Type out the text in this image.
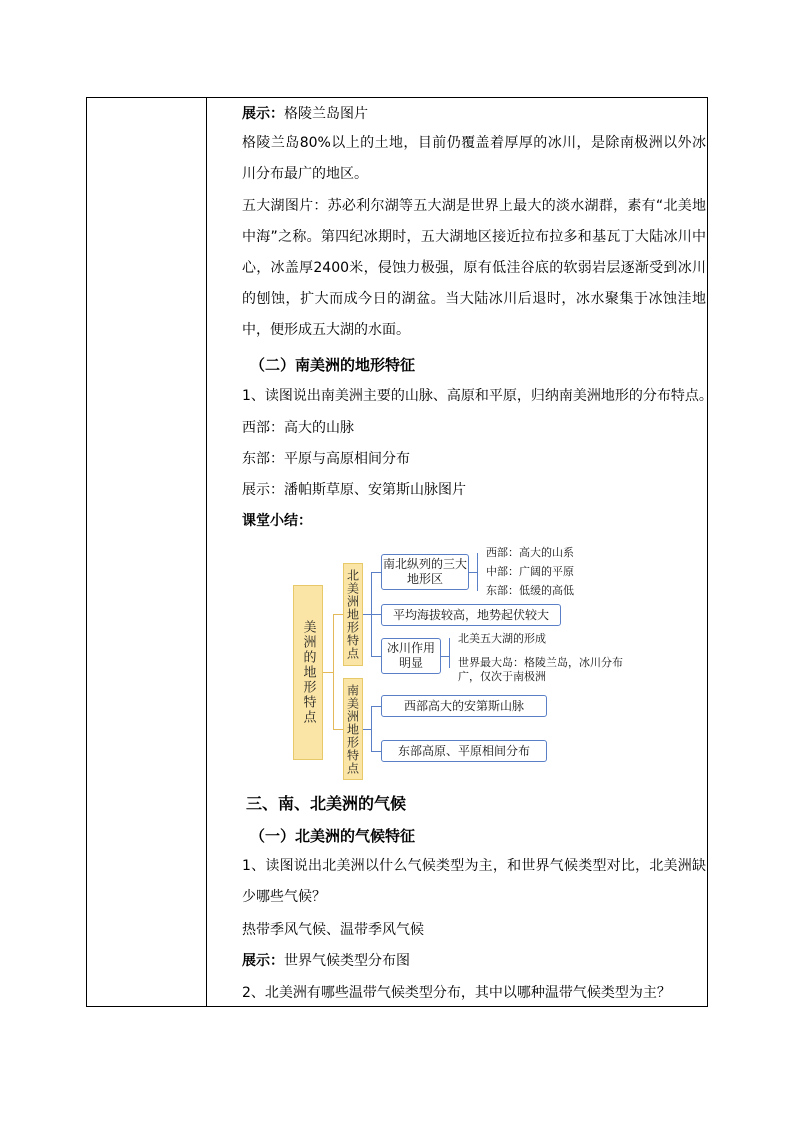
展示：格陵兰岛图片
格陵兰岛80%以上的土地，目前仍覆盖着厚厚的冰川，是除南极洲以外冰川分布最广的地区。
五大湖图片：苏必利尔湖等五大湖是世界上最大的淡水湖群，素有“北美地中海”之称。第四纪冰期时，五大湖地区接近拉布拉多和基瓦丁大陆冰川中心，冰盖厚2400米，侵蚀力极强，原有低洼谷底的软弱岩层逐渐受到冰川的刨蚀，扩大而成今日的湖盆。当大陆冰川后退时，冰水聚集于冰蚀洼地中，便形成五大湖的水面。
（二）南美洲的地形特征
1、读图说出南美洲主要的山脉、高原和平原，归纳南美洲地形的分布特点。
西部：高大的山脉
东部：平原与高原相间分布
展示：潘帕斯草原、安第斯山脉图片
课堂小结：
美洲的地形特点
北美洲地形特点
南美洲地形特点
南北纵列的三大地形区
西部：高大的山系
中部：广阔的平原
东部：低缓的高低
平均海拔较高，地势起伏较大
冰川作用明显
北美五大湖的形成
世界最大岛：格陵兰岛，冰川分布广，仅次于南极洲
西部高大的安第斯山脉
东部高原、平原相间分布
三、南、北美洲的气候
（一）北美洲的气候特征
1、读图说出北美洲以什么气候类型为主，和世界气候类型对比，北美洲缺少哪些气候？
热带季风气候、温带季风气候
展示：世界气候类型分布图
2、北美洲有哪些温带气候类型分布，其中以哪种温带气候类型为主？
